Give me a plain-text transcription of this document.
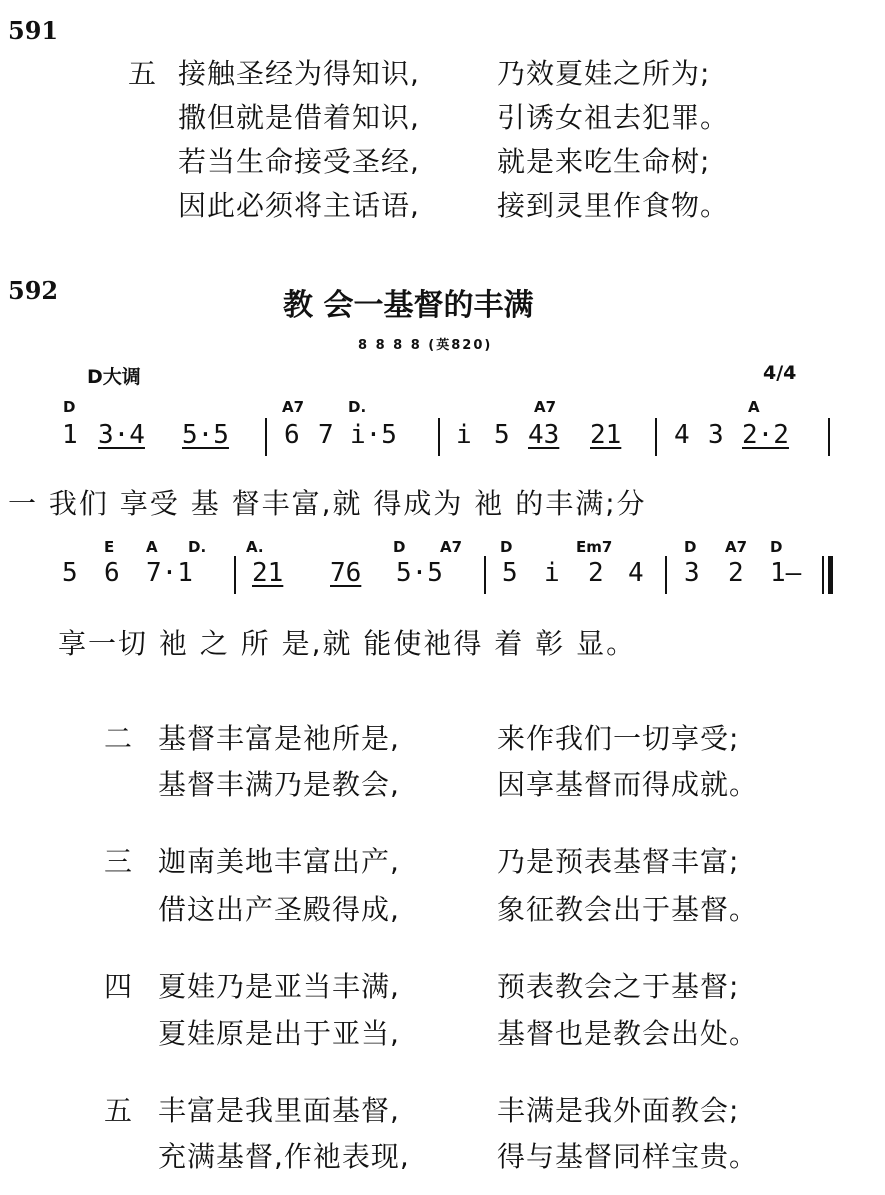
591
五 接触圣经为得知识,	乃效夏娃之所为;
撒但就是借着知识,	引诱女祖去犯罪。
若当生命接受圣经,	就是来吃生命树;
因此必须将主话语,	接到灵里作食物。
592	教 会一基督的丰满
8 8 8 8 (英820)
D大调	4/4
D	A7	D.	A7	A
1 3·4 5·5 6 7 i·5 i 5 43 21 4 3 2·2
一 我们 享受 基 督丰富,就 得成为 祂 的丰满;分
E A D.	A.	D A7	D	Em7	D A7 D
5 6 7·1 21 76 5·5 5 i 2 4 3 2 1—
享一切 祂 之 所 是,就 能使祂得 着 彰 显。
二 基督丰富是祂所是,	来作我们一切享受;
基督丰满乃是教会,	因享基督而得成就。
三 迦南美地丰富出产,	乃是预表基督丰富;
借这出产圣殿得成,	象征教会出于基督。
四 夏娃乃是亚当丰满,	预表教会之于基督;
夏娃原是出于亚当,	基督也是教会出处。
五 丰富是我里面基督,	丰满是我外面教会;
充满基督,作祂表现,	得与基督同样宝贵。
